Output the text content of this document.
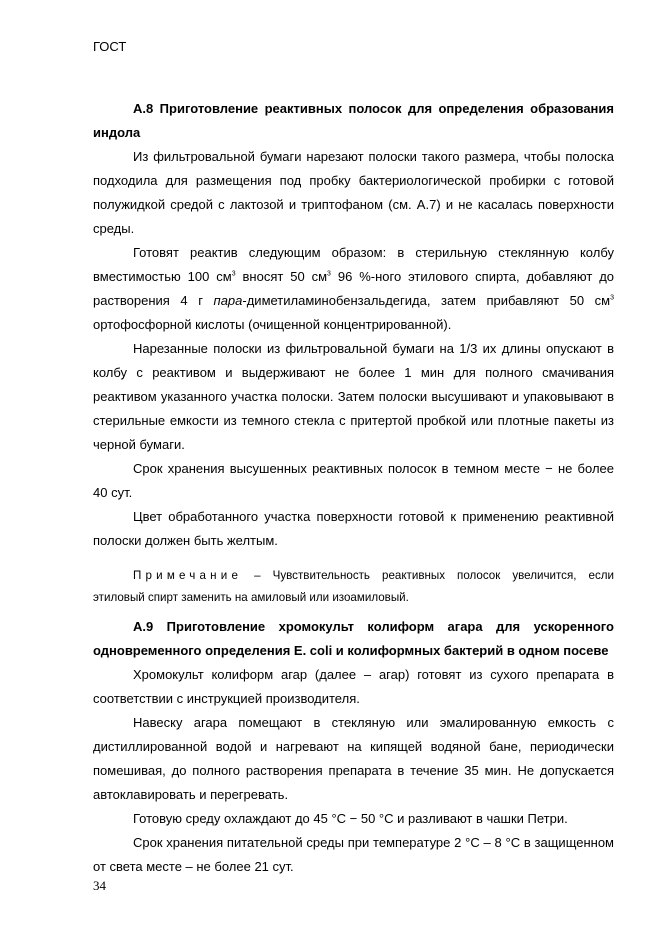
ГОСТ

А.8 Приготовление реактивных полосок для определения образования индола

Из фильтровальной бумаги нарезают полоски такого размера, чтобы полоска подходила для размещения под пробку бактериологической пробирки с готовой полужидкой средой с лактозой и триптофаном (см. А.7) и не касалась поверхности среды.

Готовят реактив следующим образом: в стерильную стеклянную колбу вместимостью 100 $см^3$ вносят 50 $см^3$ 96 %-ного этилового спирта, добавляют до растворения 4 г пара-диметиламинобензальдегида, затем прибавляют 50 $см^3$ ортофосфорной кислоты (очищенной концентрированной).

Нарезанные полоски из фильтровальной бумаги на 1/3 их длины опускают в колбу с реактивом и выдерживают не более 1 мин для полного смачивания реактивом указанного участка полоски. Затем полоски высушивают и упаковывают в стерильные емкости из темного стекла с притертой пробкой или плотные пакеты из черной бумаги.

Срок хранения высушенных реактивных полосок в темном месте − не более 40 сут.

Цвет обработанного участка поверхности готовой к применению реактивной полоски должен быть желтым.

Примечание – Чувствительность реактивных полосок увеличится, если этиловый спирт заменить на амиловый или изоамиловый.

А.9 Приготовление хромокульт колиформ агара для ускоренного одновременного определения E. coli и колиформных бактерий в одном посеве

Хромокульт колиформ агар (далее – агар) готовят из сухого препарата в соответствии с инструкцией производителя.

Навеску агара помещают в стекляную или эмалированную емкость с дистиллированной водой и нагревают на кипящей водяной бане, периодически помешивая, до полного растворения препарата в течение 35 мин. Не допускается автоклавировать и перегревать.

Готовую среду охлаждают до 45 °С − 50 °С и разливают в чашки Петри.

Срок хранения питательной среды при температуре 2 °С – 8 °С в защищенном от света месте – не более 21 сут.

34
